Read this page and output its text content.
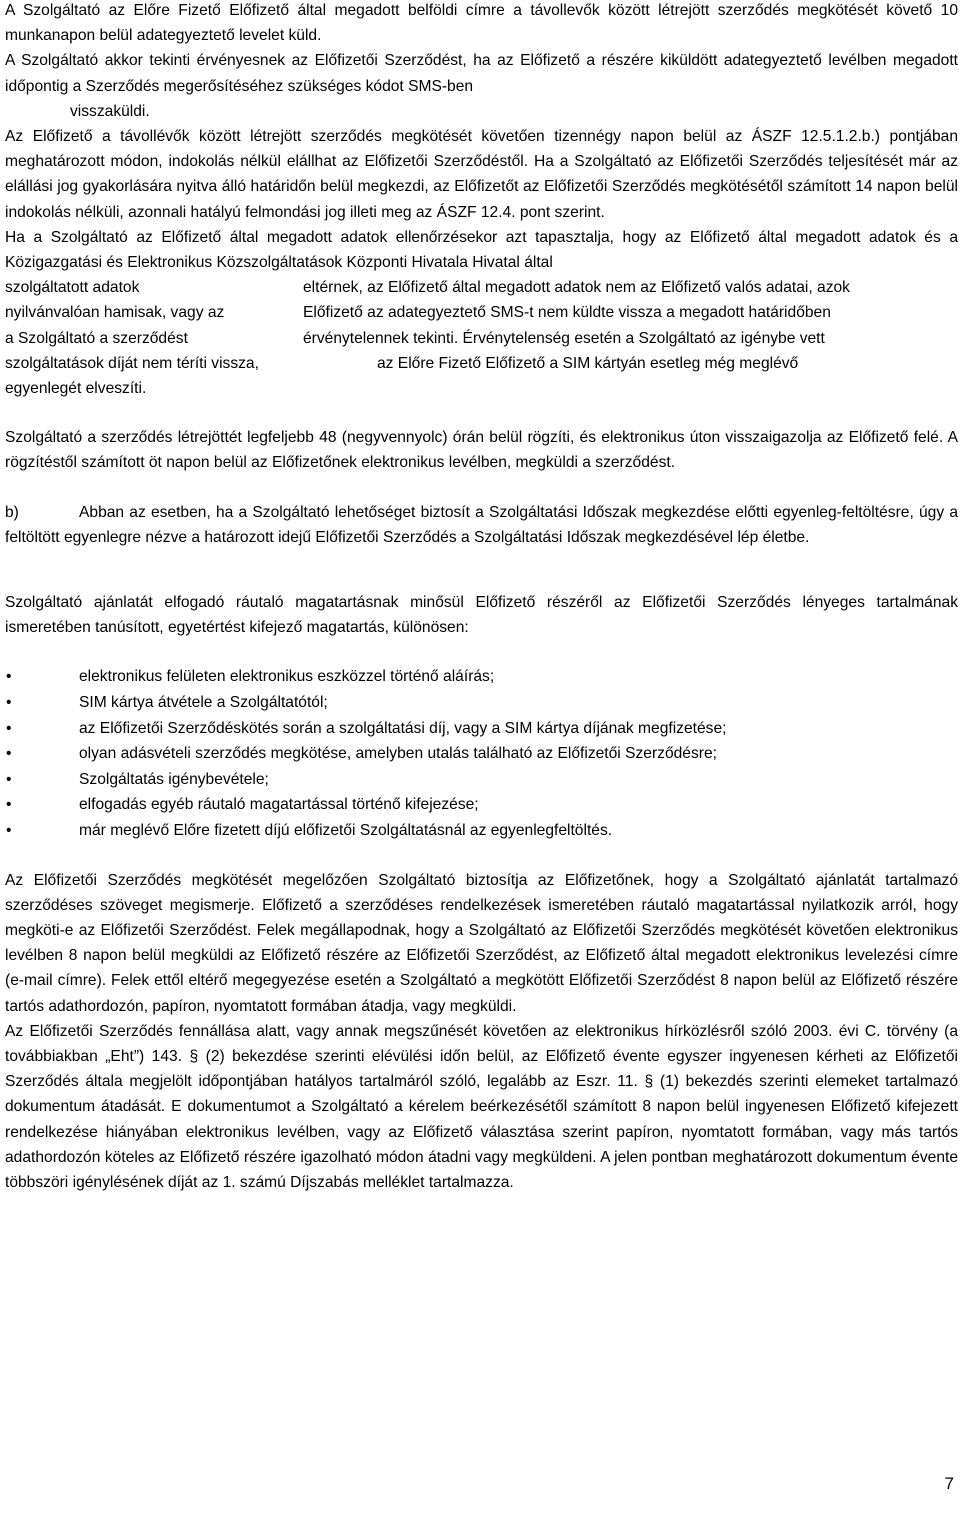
A Szolgáltató az Előre Fizető Előfizető által megadott belföldi címre a távollevők között létrejött szerződés megkötését követő 10 munkanapon belül adategyeztető levelet küld.

A Szolgáltató akkor tekinti érvényesnek az Előfizetői Szerződést, ha az Előfizető a részére kiküldött adategyeztető levélben megadott időpontig a Szerződés megerősítéséhez szükséges kódot SMS-ben

visszaküldi.

Az Előfizető a távollévők között létrejött szerződés megkötését követően tizennégy napon belül az ÁSZF 12.5.1.2.b.) pontjában meghatározott módon, indokolás nélkül elállhat az Előfizetői Szerződéstől. Ha a Szolgáltató az Előfizetői Szerződés teljesítését már az elállási jog gyakorlására nyitva álló határidőn belül megkezdi, az Előfizetőt az Előfizetői Szerződés megkötésétől számított 14 napon belül indokolás nélküli, azonnali hatályú felmondási jog illeti meg az ÁSZF 12.4. pont szerint.

Ha a Szolgáltató az Előfizető által megadott adatok ellenőrzésekor azt tapasztalja, hogy az Előfizető által megadott adatok és a Közigazgatási és Elektronikus Közszolgáltatások Központi Hivatala Hivatal által

szolgáltatott adatok	eltérnek, az Előfizető által megadott adatok nem az Előfizető valós adatai, azok
nyilvánvalóan hamisak, vagy az	Előfizető az adategyeztető SMS-t nem küldte vissza a megadott határidőben
a Szolgáltató a szerződést	érvénytelennek tekinti. Érvénytelenség esetén a Szolgáltató az igénybe vett
szolgáltatások díját nem téríti vissza,	az Előre Fizető Előfizető a SIM kártyán esetleg még meglévő

egyenlegét elveszíti.

Szolgáltató a szerződés létrejöttét legfeljebb 48 (negyvennyolc) órán belül rögzíti, és elektronikus úton visszaigazolja az Előfizető felé. A rögzítéstől számított öt napon belül az Előfizetőnek elektronikus levélben, megküldi a szerződést.

b)	Abban az esetben, ha a Szolgáltató lehetőséget biztosít a Szolgáltatási Időszak megkezdése előtti egyenleg-feltöltésre, úgy a feltöltött egyenlegre nézve a határozott idejű Előfizetői Szerződés a Szolgáltatási Időszak megkezdésével lép életbe.

Szolgáltató ajánlatát elfogadó ráutaló magatartásnak minősül Előfizető részéről az Előfizetői Szerződés lényeges tartalmának ismeretében tanúsított, egyetértést kifejező magatartás, különösen:

•	elektronikus felületen elektronikus eszközzel történő aláírás;
•	SIM kártya átvétele a Szolgáltatótól;
•	az Előfizetői Szerződéskötés során a szolgáltatási díj, vagy a SIM kártya díjának megfizetése;
•	olyan adásvételi szerződés megkötése, amelyben utalás található az Előfizetői Szerződésre;
•	Szolgáltatás igénybevétele;
•	elfogadás egyéb ráutaló magatartással történő kifejezése;
•	már meglévő Előre fizetett díjú előfizetői Szolgáltatásnál az egyenlegfeltöltés.

Az Előfizetői Szerződés megkötését megelőzően Szolgáltató biztosítja az Előfizetőnek, hogy a Szolgáltató ajánlatát tartalmazó szerződéses szöveget megismerje. Előfizető a szerződéses rendelkezések ismeretében ráutaló magatartással nyilatkozik arról, hogy megköti-e az Előfizetői Szerződést. Felek megállapodnak, hogy a Szolgáltató az Előfizetői Szerződés megkötését követően elektronikus levélben 8 napon belül megküldi az Előfizető részére az Előfizetői Szerződést, az Előfizető által megadott elektronikus levelezési címre (e-mail címre). Felek ettől eltérő megegyezése esetén a Szolgáltató a megkötött Előfizetői Szerződést 8 napon belül az Előfizető részére tartós adathordozón, papíron, nyomtatott formában átadja, vagy megküldi.

Az Előfizetői Szerződés fennállása alatt, vagy annak megszűnését követően az elektronikus hírközlésről szóló 2003. évi C. törvény (a továbbiakban „Eht”) 143. § (2) bekezdése szerinti elévülési időn belül, az Előfizető évente egyszer ingyenesen kérheti az Előfizetői Szerződés általa megjelölt időpontjában hatályos tartalmáról szóló, legalább az Eszr. 11. § (1) bekezdés szerinti elemeket tartalmazó dokumentum átadását. E dokumentumot a Szolgáltató a kérelem beérkezésétől számított 8 napon belül ingyenesen Előfizető kifejezett rendelkezése hiányában elektronikus levélben, vagy az Előfizető választása szerint papíron, nyomtatott formában, vagy más tartós adathordozón köteles az Előfizető részére igazolható módon átadni vagy megküldeni. A jelen pontban meghatározott dokumentum évente többszöri igénylésének díját az 1. számú Díjszabás melléklet tartalmazza.

7
